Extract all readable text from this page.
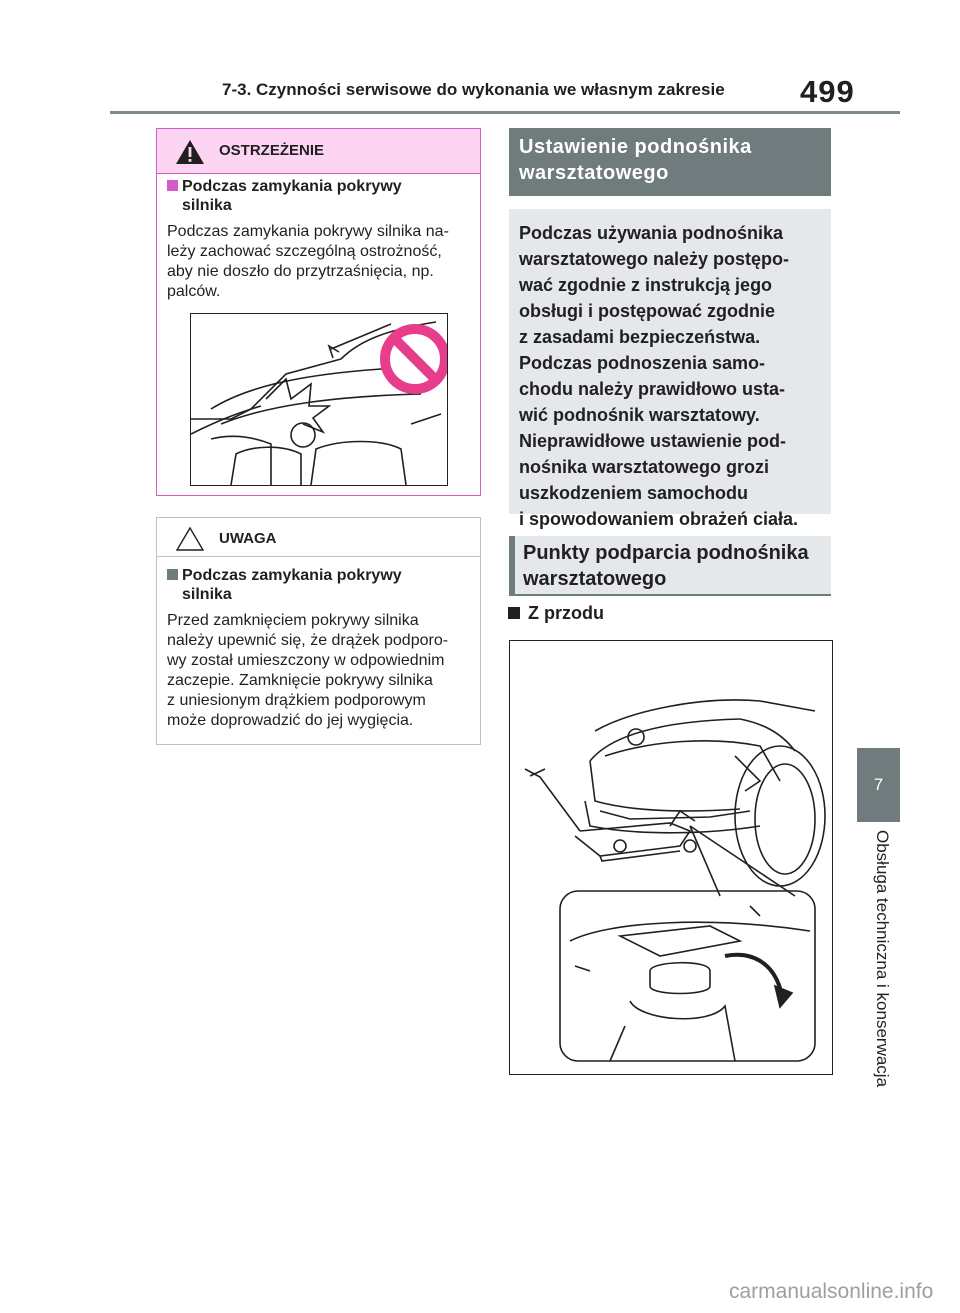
7-3. Czynności serwisowe do wykonania we własnym zakresie 499
7
Obsługa techniczna i konserwacja
OSTRZEŻENIE
Podczas zamykania pokrywy
silnika
Podczas zamykania pokrywy silnika na-
leży zachować szczególną ostrożność,
aby nie doszło do przytrzaśnięcia, np.
palców.
UWAGA
Podczas zamykania pokrywy
silnika
Przed zamknięciem pokrywy silnika
należy upewnić się, że drążek podporo-
wy został umieszczony w odpowiednim
zaczepie. Zamknięcie pokrywy silnika
z uniesionym drążkiem podporowym
może doprowadzić do jej wygięcia.
Ustawienie podnośnika
warsztatowego
Podczas używania podnośnika
warsztatowego należy postępo-
wać zgodnie z instrukcją jego
obsługi i postępować zgodnie
z zasadami bezpieczeństwa.
Podczas podnoszenia samo-
chodu należy prawidłowo usta-
wić podnośnik warsztatowy.
Nieprawidłowe ustawienie pod-
nośnika warsztatowego grozi
uszkodzeniem samochodu
i spowodowaniem obrażeń ciała.
Punkty podparcia podnośnika
warsztatowego
Z przodu
carmanualsonline.info
